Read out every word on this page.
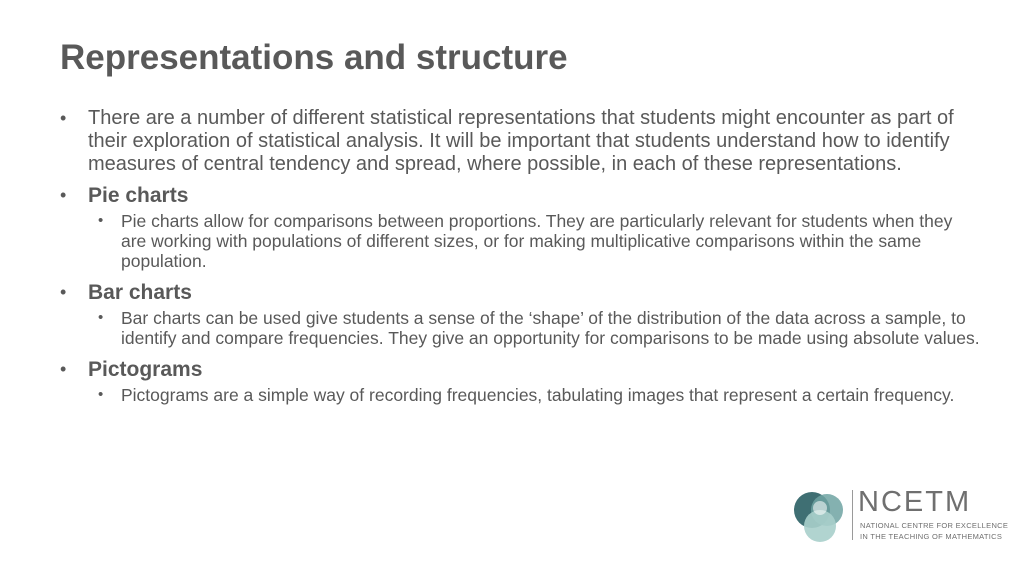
Representations and structure
• There are a number of different statistical representations that students might encounter as part of their exploration of statistical analysis. It will be important that students understand how to identify measures of central tendency and spread, where possible, in each of these representations.
• Pie charts
• Pie charts allow for comparisons between proportions. They are particularly relevant for students when they are working with populations of different sizes, or for making multiplicative comparisons within the same population.
• Bar charts
• Bar charts can be used give students a sense of the ‘shape’ of the distribution of the data across a sample, to identify and compare frequencies. They give an opportunity for comparisons to be made using absolute values.
• Pictograms
• Pictograms are a simple way of recording frequencies, tabulating images that represent a certain frequency.
NCETM
NATIONAL CENTRE FOR EXCELLENCE
IN THE TEACHING OF MATHEMATICS
